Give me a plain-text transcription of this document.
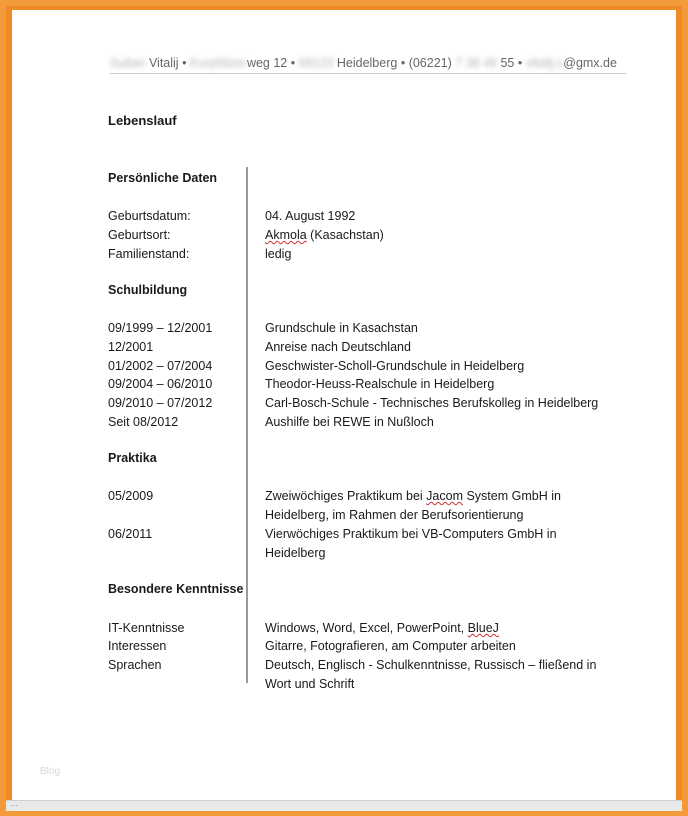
Sultan Vitalij • Kurpfälzerweg 12 • 69123 Heidelberg • (06221) 7 38 48 55 • vitalij.s@gmx.de
Lebenslauf
Persönliche Daten
Geburtsdatum:	04. August 1992
Geburtsort:	Akmola (Kasachstan)
Familienstand:	ledig
Schulbildung
09/1999 – 12/2001	Grundschule in Kasachstan
12/2001	Anreise nach Deutschland
01/2002 – 07/2004	Geschwister-Scholl-Grundschule in Heidelberg
09/2004 – 06/2010	Theodor-Heuss-Realschule in Heidelberg
09/2010 – 07/2012	Carl-Bosch-Schule - Technisches Berufskolleg in Heidelberg
Seit 08/2012	Aushilfe bei REWE in Nußloch
Praktika
05/2009	Zweiwöchiges Praktikum bei Jacom System GmbH in
Heidelberg, im Rahmen der Berufsorientierung
06/2011	Vierwöchiges Praktikum bei VB-Computers GmbH in
Heidelberg
Besondere Kenntnisse
IT-Kenntnisse	Windows, Word, Excel, PowerPoint, BlueJ
Interessen	Gitarre, Fotografieren, am Computer arbeiten
Sprachen	Deutsch, Englisch - Schulkenntnisse, Russisch – fließend in
Wort und Schrift
Blog
⋯
